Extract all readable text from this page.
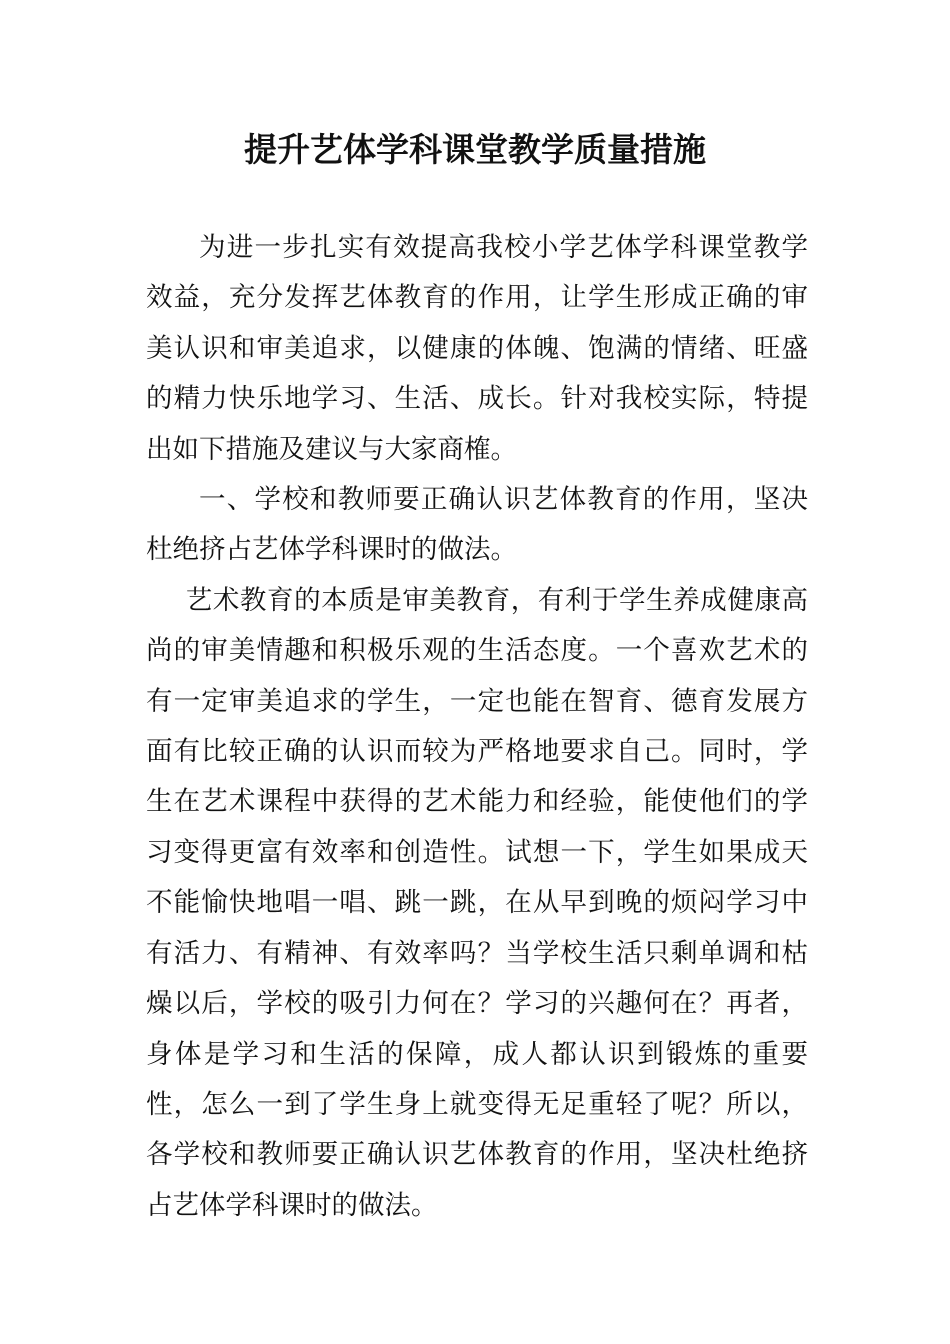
提升艺体学科课堂教学质量措施

为进一步扎实有效提高我校小学艺体学科课堂教学效益，充分发挥艺体教育的作用，让学生形成正确的审美认识和审美追求，以健康的体魄、饱满的情绪、旺盛的精力快乐地学习、生活、成长。针对我校实际，特提出如下措施及建议与大家商榷。

一、学校和教师要正确认识艺体教育的作用，坚决杜绝挤占艺体学科课时的做法。

艺术教育的本质是审美教育，有利于学生养成健康高尚的审美情趣和积极乐观的生活态度。一个喜欢艺术的有一定审美追求的学生，一定也能在智育、德育发展方面有比较正确的认识而较为严格地要求自己。同时，学生在艺术课程中获得的艺术能力和经验，能使他们的学习变得更富有效率和创造性。试想一下，学生如果成天不能愉快地唱一唱、跳一跳，在从早到晚的烦闷学习中有活力、有精神、有效率吗？当学校生活只剩单调和枯燥以后，学校的吸引力何在？学习的兴趣何在？再者，身体是学习和生活的保障，成人都认识到锻炼的重要性，怎么一到了学生身上就变得无足重轻了呢？所以，各学校和教师要正确认识艺体教育的作用，坚决杜绝挤占艺体学科课时的做法。
